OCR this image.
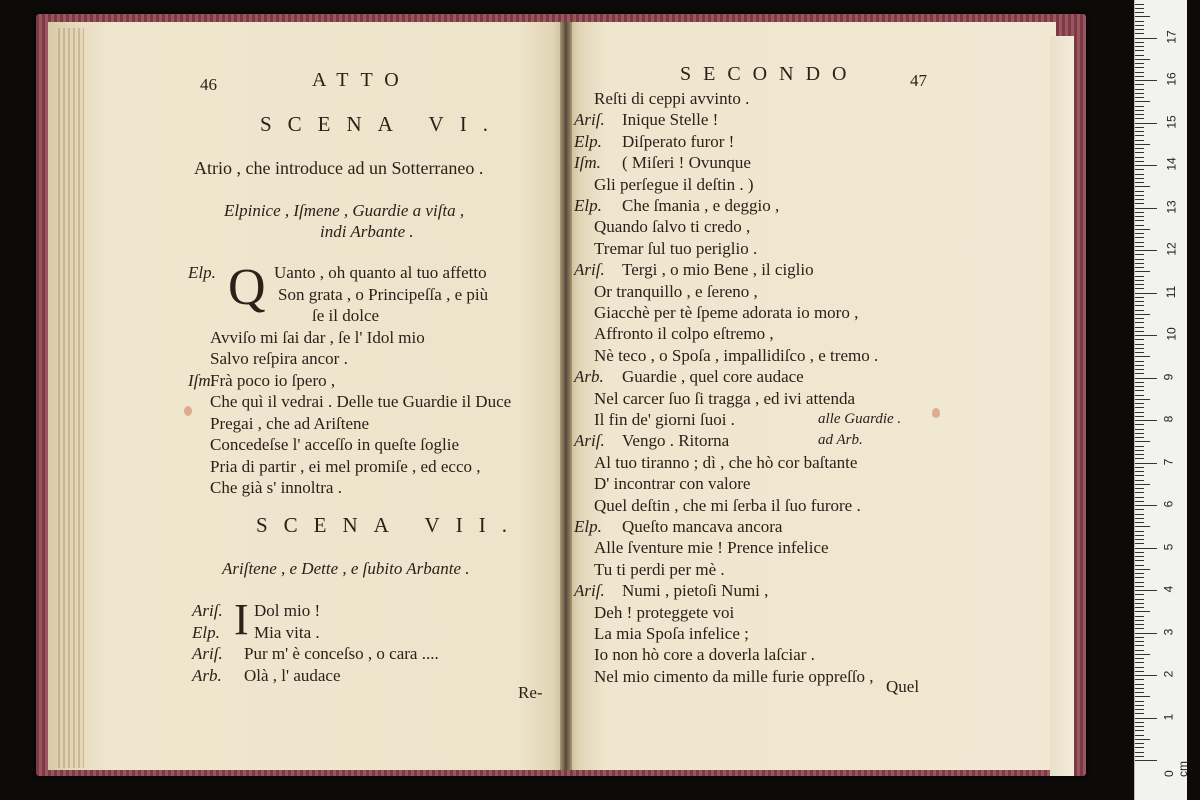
46	ATTO
SCENA VI.
Atrio , che introduce ad un Sotterraneo .
Elpinice , Iſmene , Guardie a viſta ,
indi Arbante .
Q
Elp.	Uanto , oh quanto al tuo affetto
Son grata , o Principeſſa , e più
ſe il dolce
Avviſo mi ſai dar , ſe l' Idol mio
Salvo reſpira ancor .
Iſm.
Frà poco io ſpero ,
Che quì il vedrai . Delle tue Guardie il Duce
Pregai , che ad Ariſtene
Concedeſse l' acceſſo in queſte ſoglie
Pria di partir , ei mel promiſe , ed ecco ,
Che già s' innoltra .
SCENA VII.
Ariſtene , e Dette , e ſubito Arbante .
I
Ariſ. Dol mio !
Elp. Mia vita .
Ariſ. Pur m' è conceſso , o cara ....
Arb. Olà , l' audace
Re-
SECONDO	47
Reſti di ceppi avvinto .
Ariſ. Inique Stelle !
Elp. Diſperato furor !
Iſm. ( Miſeri ! Ovunque
Gli perſegue il deſtin . )
Elp. Che ſmania , e deggio ,
Quando ſalvo ti credo ,
Tremar ſul tuo periglio .
Ariſ. Tergi , o mio Bene , il ciglio
Or tranquillo , e ſereno ,
Giacchè per tè ſpeme adorata io moro ,
Affronto il colpo eſtremo ,
Nè teco , o Spoſa , impallidiſco , e tremo .
Arb. Guardie , quel core audace
Nel carcer ſuo ſi tragga , ed ivi attenda
Il fin de' giorni ſuoi .	alle Guardie .
Ariſ. Vengo . Ritorna	ad Arb.
Al tuo tiranno ; dì , che hò cor baſtante
D' incontrar con valore
Quel deſtin , che mi ſerba il ſuo furore .
Elp. Queſto mancava ancora
Alle ſventure mie ! Prence infelice
Tu ti perdi per mè .
Ariſ. Numi , pietoſi Numi ,
Deh ! proteggete voi
La mia Spoſa infelice ;
Io non hò core a doverla laſciar .
Nel mio cimento da mille furie oppreſſo ,
Quel
0 cm
1
2
3
4
5
6
7
8
9
10
11
12
13
14
15
16
17
